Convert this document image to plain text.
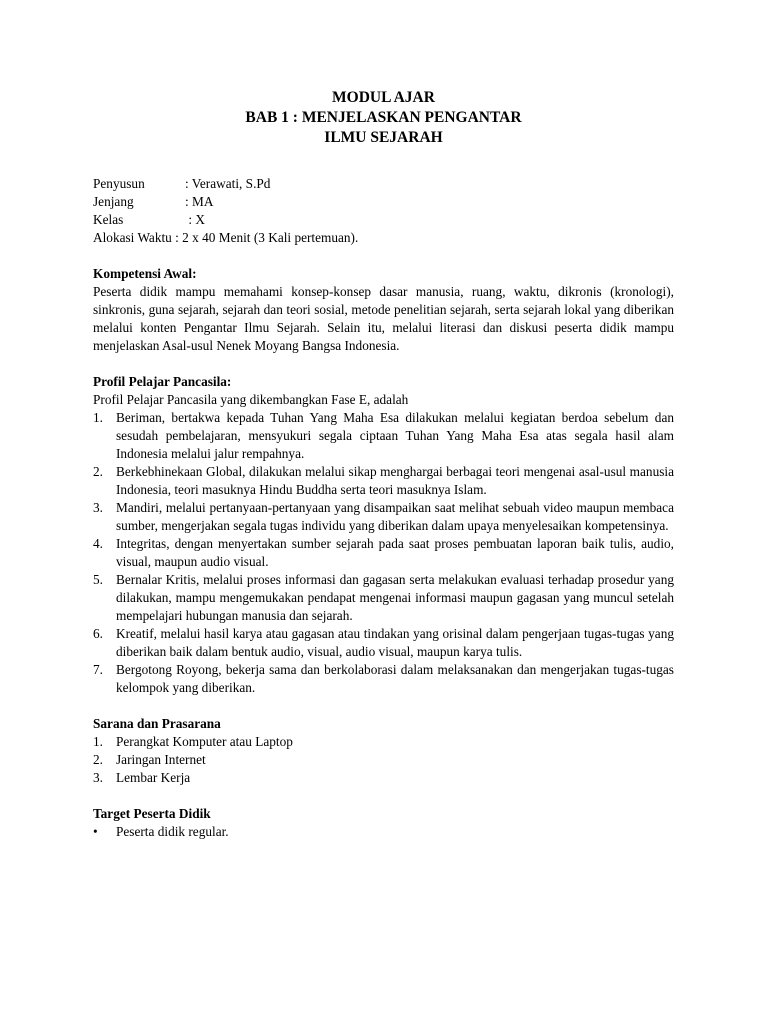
MODUL AJAR
BAB 1 : MENJELASKAN PENGANTAR
ILMU SEJARAH
Penyusun	: Verawati, S.Pd
Jenjang	: MA
Kelas	: X
Alokasi Waktu : 2 x 40 Menit (3 Kali pertemuan).
Kompetensi Awal:
Peserta didik mampu memahami konsep-konsep dasar manusia, ruang, waktu, dikronis (kronologi), sinkronis, guna sejarah, sejarah dan teori sosial, metode penelitian sejarah, serta sejarah lokal yang diberikan melalui konten Pengantar Ilmu Sejarah. Selain itu, melalui literasi dan diskusi peserta didik mampu menjelaskan Asal-usul Nenek Moyang Bangsa Indonesia.
Profil Pelajar Pancasila:
Profil Pelajar Pancasila yang dikembangkan Fase E, adalah
1. Beriman, bertakwa kepada Tuhan Yang Maha Esa dilakukan melalui kegiatan berdoa sebelum dan sesudah pembelajaran, mensyukuri segala ciptaan Tuhan Yang Maha Esa atas segala hasil alam Indonesia melalui jalur rempahnya.
2. Berkebhinekaan Global, dilakukan melalui sikap menghargai berbagai teori mengenai asal-usul manusia Indonesia, teori masuknya Hindu Buddha serta teori masuknya Islam.
3. Mandiri, melalui pertanyaan-pertanyaan yang disampaikan saat melihat sebuah video maupun membaca sumber, mengerjakan segala tugas individu yang diberikan dalam upaya menyelesaikan kompetensinya.
4. Integritas, dengan menyertakan sumber sejarah pada saat proses pembuatan laporan baik tulis, audio, visual, maupun audio visual.
5. Bernalar Kritis, melalui proses informasi dan gagasan serta melakukan evaluasi terhadap prosedur yang dilakukan, mampu mengemukakan pendapat mengenai informasi maupun gagasan yang muncul setelah mempelajari hubungan manusia dan sejarah.
6. Kreatif, melalui hasil karya atau gagasan atau tindakan yang orisinal dalam pengerjaan tugas-tugas yang diberikan baik dalam bentuk audio, visual, audio visual, maupun karya tulis.
7. Bergotong Royong, bekerja sama dan berkolaborasi dalam melaksanakan dan mengerjakan tugas-tugas kelompok yang diberikan.
Sarana dan Prasarana
1. Perangkat Komputer atau Laptop
2. Jaringan Internet
3. Lembar Kerja
Target Peserta Didik
• Peserta didik regular.
